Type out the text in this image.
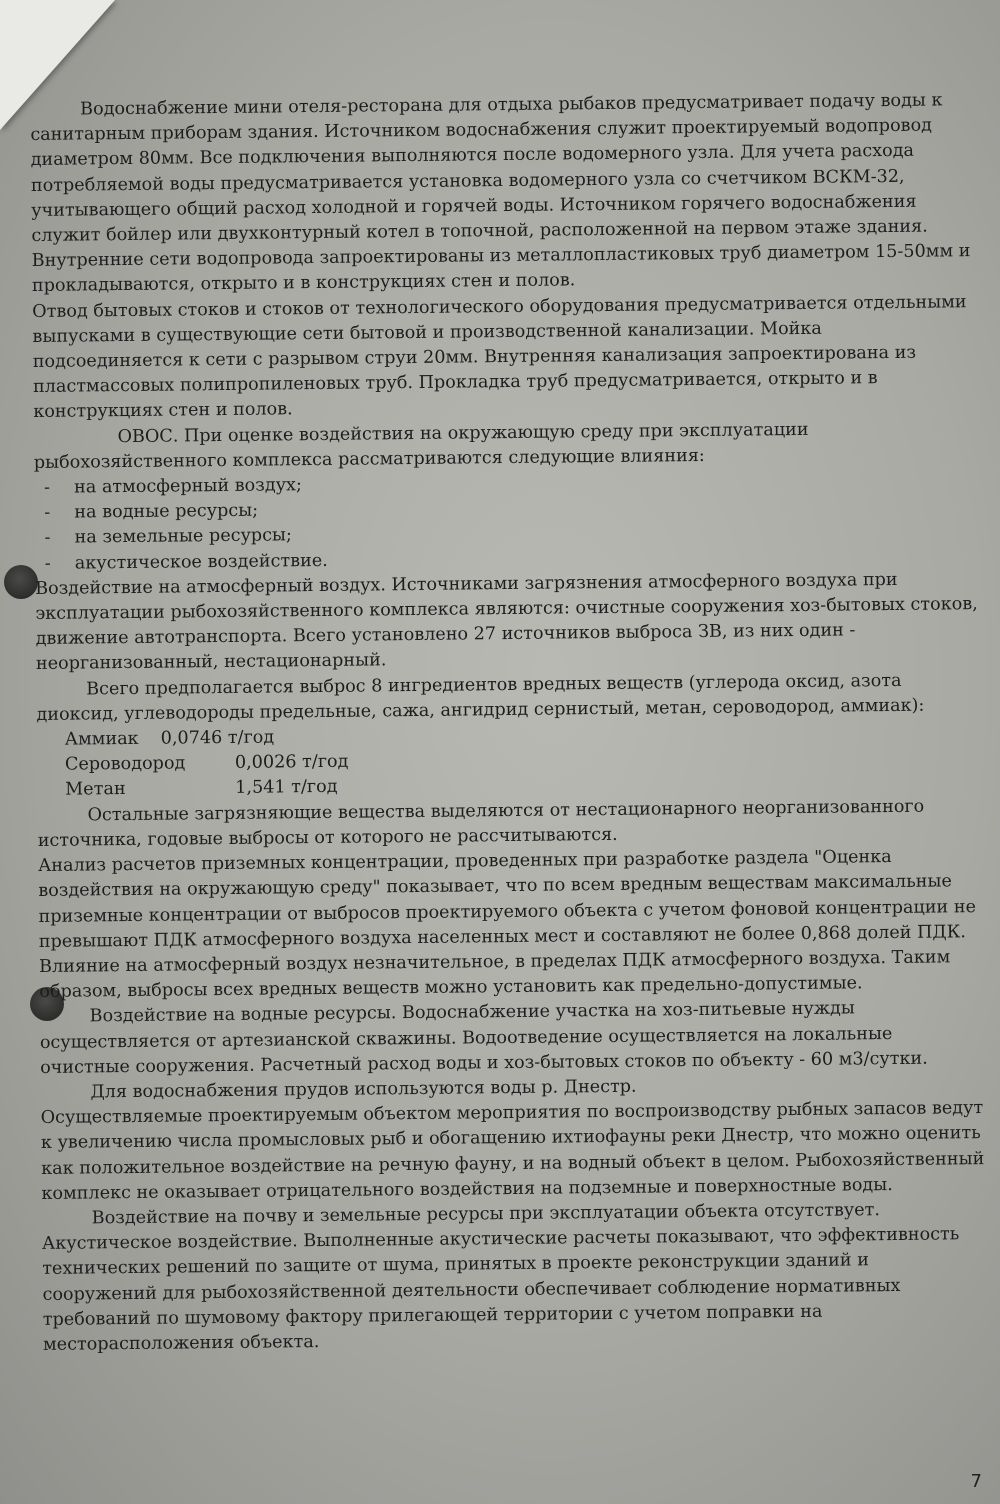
Водоснабжение мини отеля-ресторана для отдыха рыбаков предусматривает подачу воды к санитарным приборам здания. Источником водоснабжения служит проектируемый водопровод диаметром 80мм. Все подключения выполняются после водомерного узла. Для учета расхода потребляемой воды предусматривается установка водомерного узла со счетчиком ВСКМ-32, учитывающего общий расход холодной и горячей воды. Источником горячего водоснабжения служит бойлер или двухконтурный котел в топочной, расположенной на первом этаже здания. Внутренние сети водопровода запроектированы из металлопластиковых труб диаметром 15-50мм и прокладываются, открыто и в конструкциях стен и полов.

Отвод бытовых стоков и стоков от технологического оборудования предусматривается отдельными выпусками в существующие сети бытовой и производственной канализации. Мойка подсоединяется к сети с разрывом струи 20мм. Внутренняя канализация запроектирована из пластмассовых полипропиленовых труб. Прокладка труб предусматривается, открыто и в конструкциях стен и полов.

ОВОС. При оценке воздействия на окружающую среду при эксплуатации рыбохозяйственного комплекса рассматриваются следующие влияния:

- на атмосферный воздух;
- на водные ресурсы;
- на земельные ресурсы;
- акустическое воздействие.

Воздействие на атмосферный воздух. Источниками загрязнения атмосферного воздуха при эксплуатации рыбохозяйственного комплекса являются: очистные сооружения хоз-бытовых стоков, движение автотранспорта. Всего установлено 27 источников выброса ЗВ, из них один - неорганизованный, нестационарный.

Всего предполагается выброс 8 ингредиентов вредных веществ (углерода оксид, азота диоксид, углеводороды предельные, сажа, ангидрид сернистый, метан, сероводород, аммиак):

Аммиак	0,0746 т/год
Сероводород	0,0026 т/год
Метан	1,541 т/год

Остальные загрязняющие вещества выделяются от нестационарного неорганизованного источника, годовые выбросы от которого не рассчитываются.

Анализ расчетов приземных концентрации, проведенных при разработке раздела "Оценка воздействия на окружающую среду" показывает, что по всем вредным веществам максимальные приземные концентрации от выбросов проектируемого объекта с учетом фоновой концентрации не превышают ПДК атмосферного воздуха населенных мест и составляют не более 0,868 долей ПДК. Влияние на атмосферный воздух незначительное, в пределах ПДК атмосферного воздуха. Таким образом, выбросы всех вредных веществ можно установить как предельно-допустимые.

Воздействие на водные ресурсы. Водоснабжение участка на хоз-питьевые нужды осуществляется от артезианской скважины. Водоотведение осуществляется на локальные очистные сооружения. Расчетный расход воды и хоз-бытовых стоков по объекту - 60 м3/сутки.

Для водоснабжения прудов используются воды р. Днестр.

Осуществляемые проектируемым объектом мероприятия по воспроизводству рыбных запасов ведут к увеличению числа промысловых рыб и обогащению ихтиофауны реки Днестр, что можно оценить как положительное воздействие на речную фауну, и на водный объект в целом. Рыбохозяйственный комплекс не оказывает отрицательного воздействия на подземные и поверхностные воды.

Воздействие на почву и земельные ресурсы при эксплуатации объекта отсутствует.

Акустическое воздействие. Выполненные акустические расчеты показывают, что эффективность технических решений по защите от шума, принятых в проекте реконструкции зданий и сооружений для рыбохозяйственной деятельности обеспечивает соблюдение нормативных требований по шумовому фактору прилегающей территории с учетом поправки на месторасположения объекта.

7
